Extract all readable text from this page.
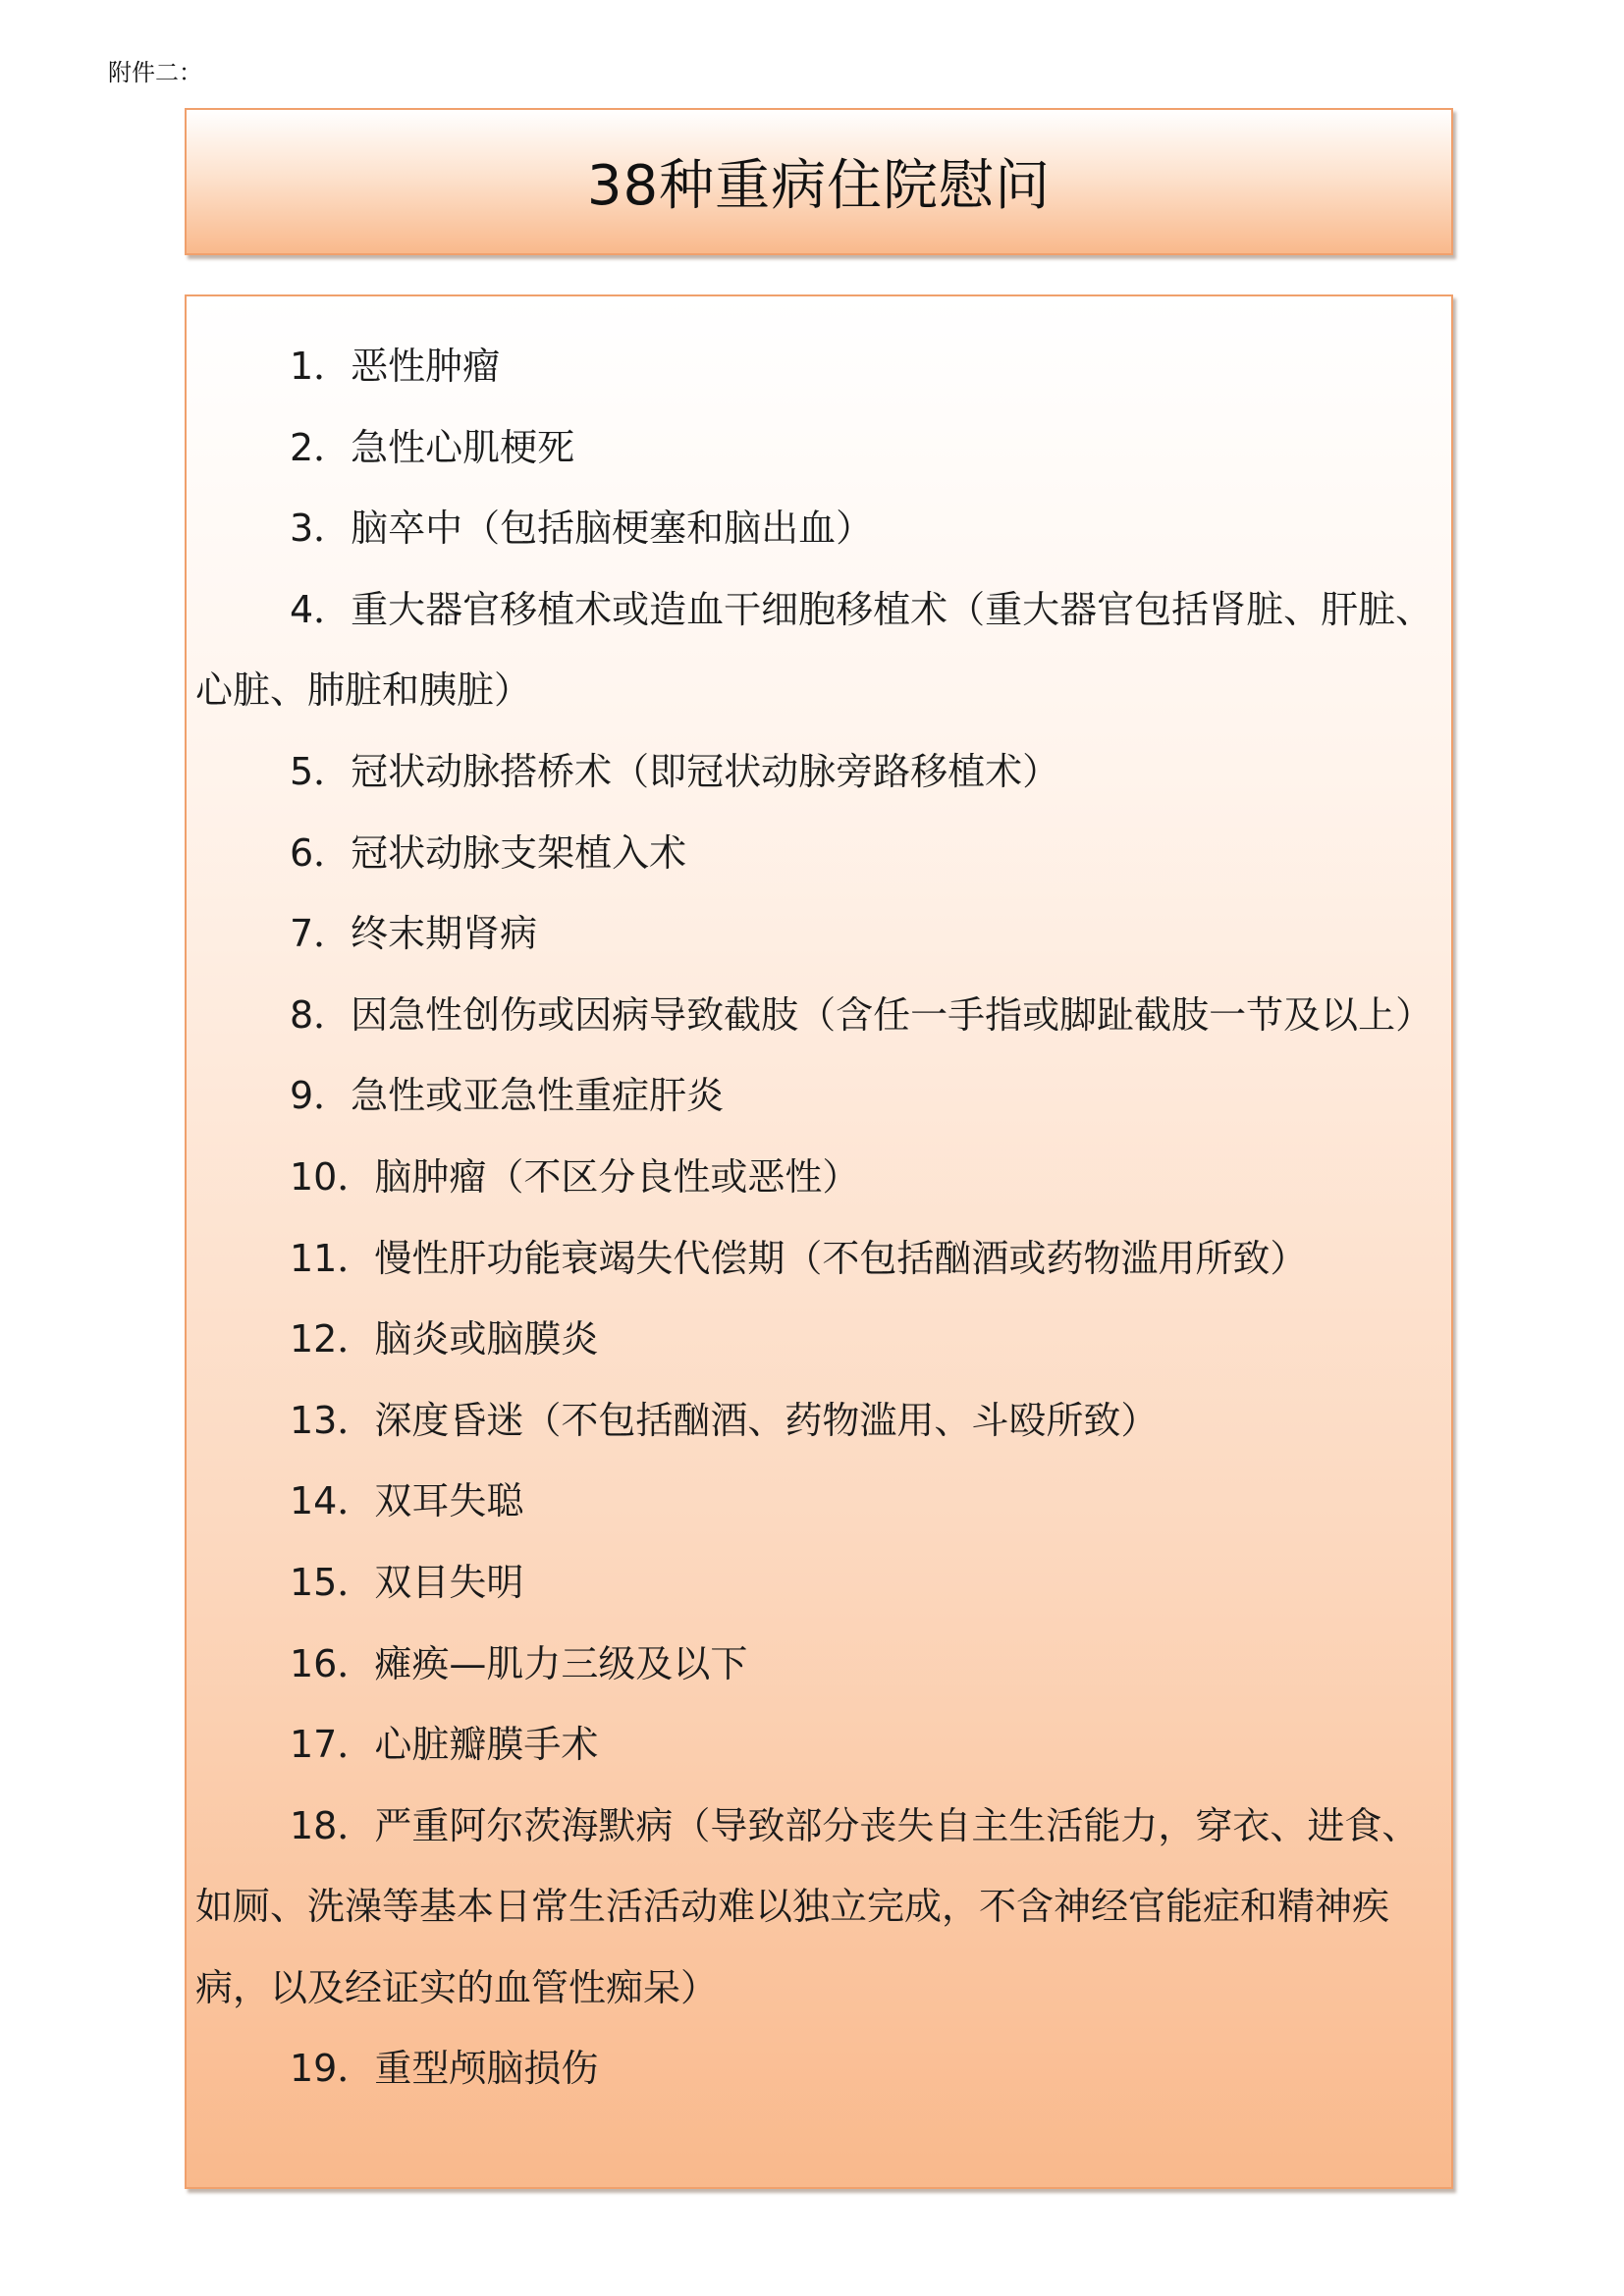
附件二：
38种重病住院慰问

1．恶性肿瘤

2．急性心肌梗死

3．脑卒中（包括脑梗塞和脑出血）

4．重大器官移植术或造血干细胞移植术（重大器官包括肾脏、肝脏、心脏、肺脏和胰脏）

5．冠状动脉搭桥术（即冠状动脉旁路移植术）

6．冠状动脉支架植入术

7．终末期肾病

8．因急性创伤或因病导致截肢（含任一手指或脚趾截肢一节及以上）

9．急性或亚急性重症肝炎

10．脑肿瘤（不区分良性或恶性）

11．慢性肝功能衰竭失代偿期（不包括酗酒或药物滥用所致）

12．脑炎或脑膜炎

13．深度昏迷（不包括酗酒、药物滥用、斗殴所致）

14．双耳失聪

15．双目失明

16．瘫痪—肌力三级及以下

17．心脏瓣膜手术

18．严重阿尔茨海默病（导致部分丧失自主生活能力，穿衣、进食、如厕、洗澡等基本日常生活活动难以独立完成，不含神经官能症和精神疾病，以及经证实的血管性痴呆）

19．重型颅脑损伤
